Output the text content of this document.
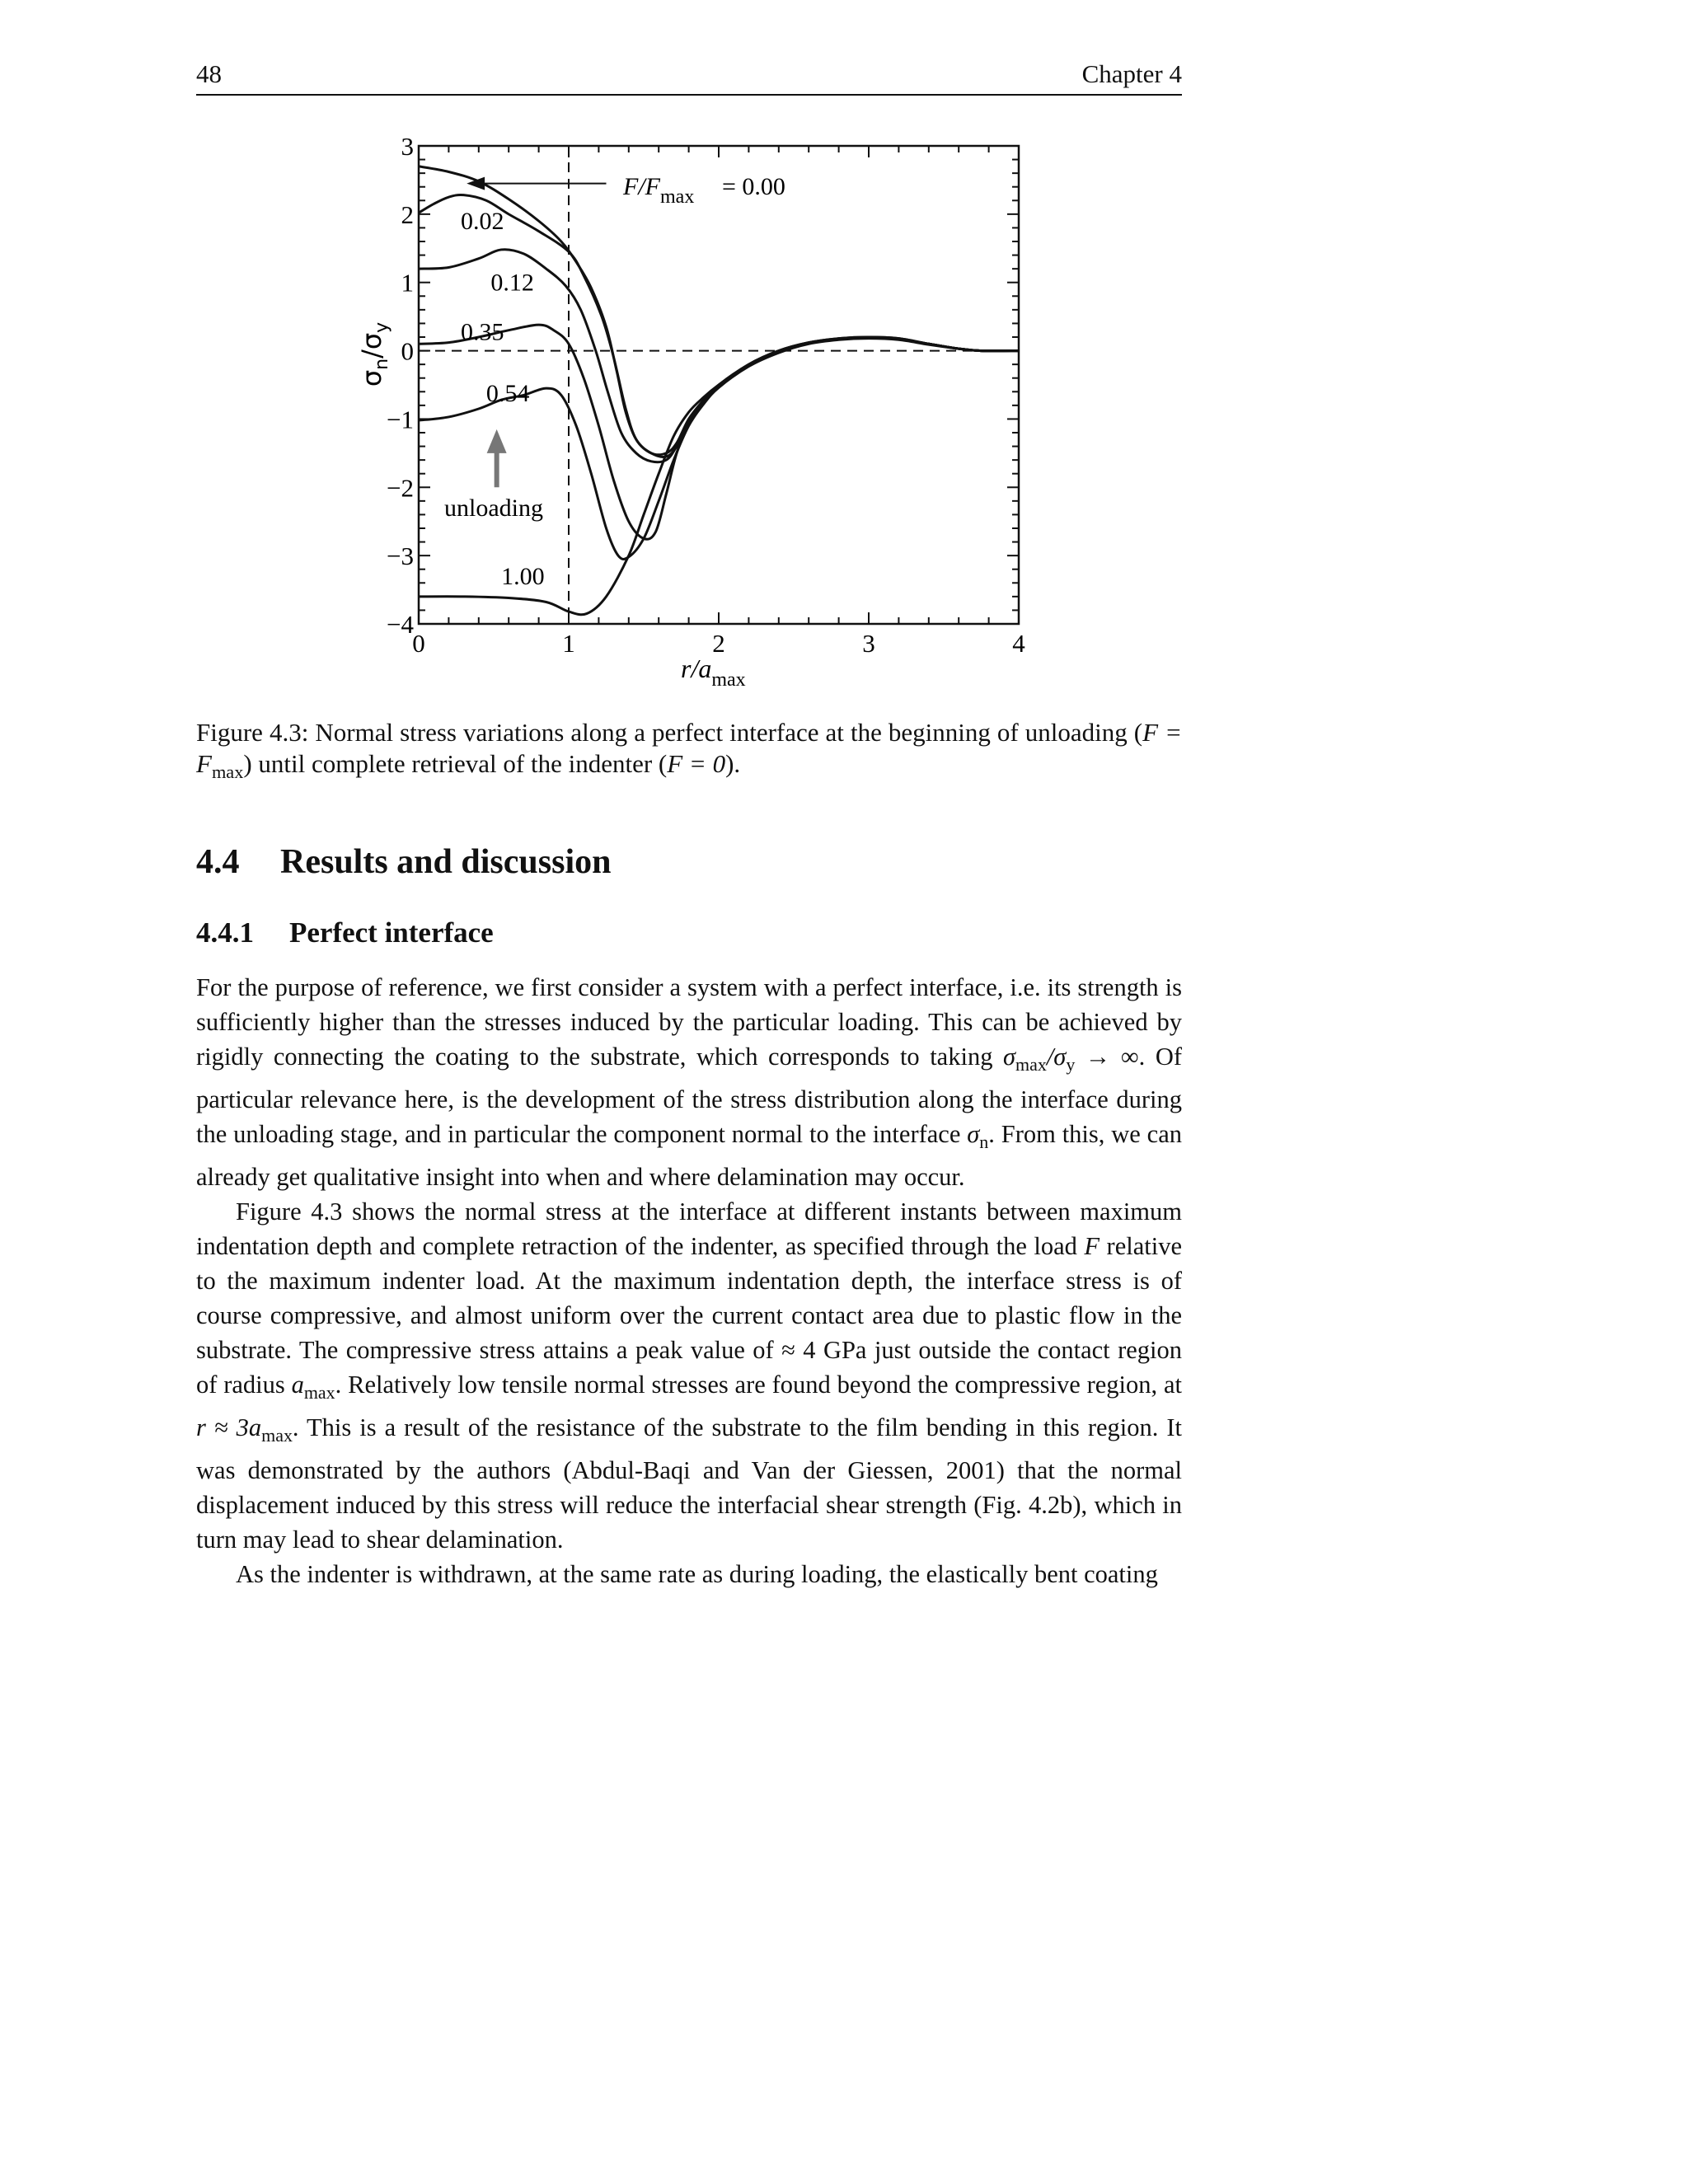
48	Chapter 4
0	1	2	3	4
3
2
1
0
−1
−2
−3
−4
0.02
0.12
0.35
0.54
1.00
$F/F_{max} = 0.00$
unloading
$r/a_{max}$
$\sigma_n/\sigma_y$
Figure 4.3: Normal stress variations along a perfect interface at the beginning of unloading $(F = F_{max})$ until complete retrieval of the indenter (F = 0).
4.4 Results and discussion
4.4.1 Perfect interface

For the purpose of reference, we first consider a system with a perfect interface, i.e. its strength is sufficiently higher than the stresses induced by the particular loading. This can be achieved by rigidly connecting the coating to the substrate, which corresponds to taking $\sigma_{max}/\sigma_y$ → ∞. Of particular relevance here, is the development of the stress distribution along the interface during the unloading stage, and in particular the component normal to the interface $\sigma_n$. From this, we can already get qualitative insight into when and where delamination may occur.

Figure 4.3 shows the normal stress at the interface at different instants between maximum indentation depth and complete retraction of the indenter, as specified through the load F relative to the maximum indenter load. At the maximum indentation depth, the interface stress is of course compressive, and almost uniform over the current contact area due to plastic flow in the substrate. The compressive stress attains a peak value of ≈ 4 GPa just outside the contact region of radius $a_{max}$. Relatively low tensile normal stresses are found beyond the compressive region, at $r \approx 3a_{max}$. This is a result of the resistance of the substrate to the film bending in this region. It was demonstrated by the authors (Abdul-Baqi and Van der Giessen, 2001) that the normal displacement induced by this stress will reduce the interfacial shear strength (Fig. 4.2b), which in turn may lead to shear delamination.

As the indenter is withdrawn, at the same rate as during loading, the elastically bent coating
